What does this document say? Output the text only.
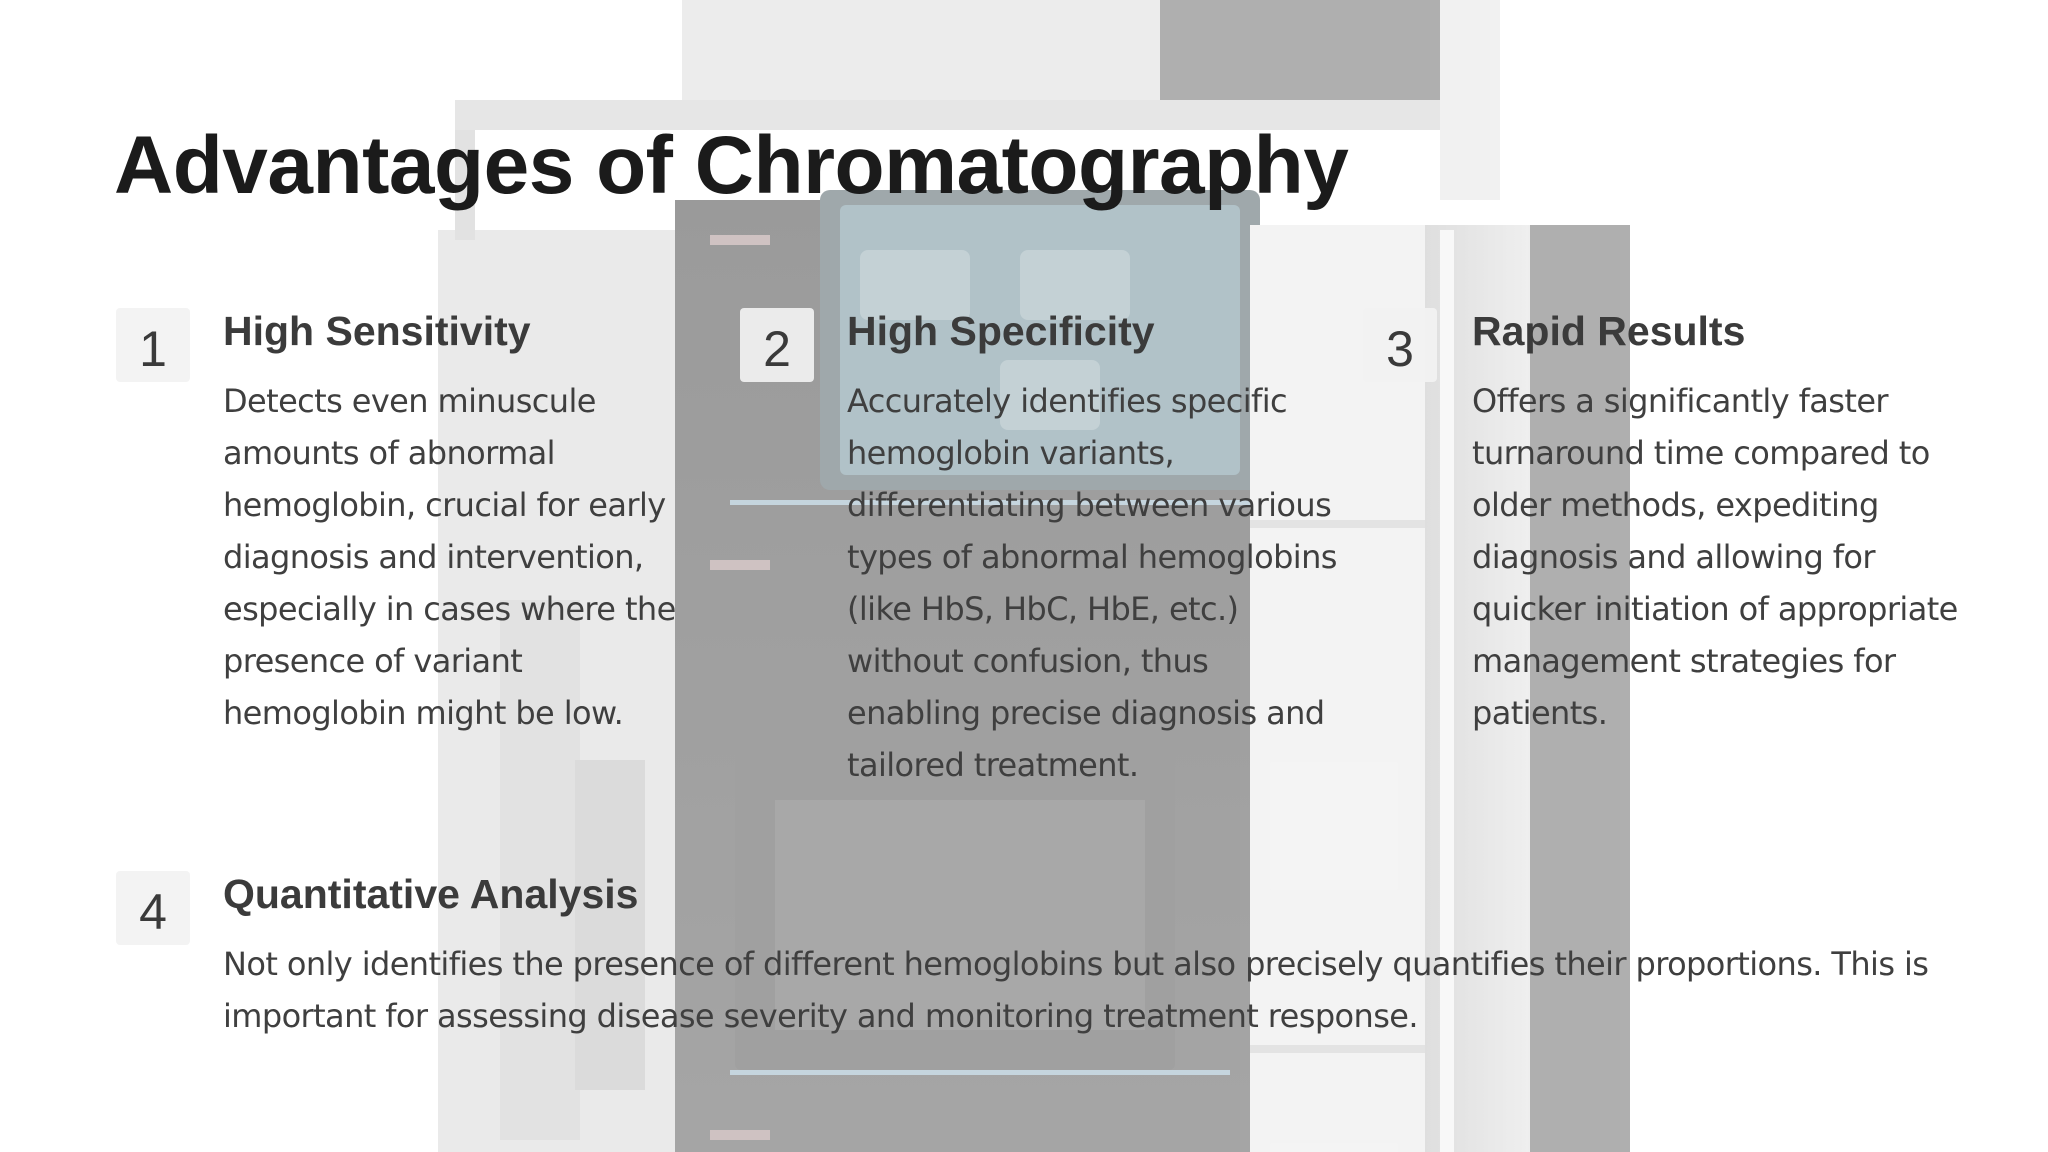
Advantages of Chromatography
1	High Sensitivity

Detects even minuscule amounts of abnormal hemoglobin, crucial for early diagnosis and intervention, especially in cases where the presence of variant hemoglobin might be low.

2	High Specificity

Accurately identifies specific hemoglobin variants, differentiating between various types of abnormal hemoglobins (like HbS, HbC, HbE, etc.) without confusion, thus enabling precise diagnosis and tailored treatment.

3	Rapid Results

Offers a significantly faster turnaround time compared to older methods, expediting diagnosis and allowing for quicker initiation of appropriate management strategies for patients.

4	Quantitative Analysis

Not only identifies the presence of different hemoglobins but also precisely quantifies their proportions. This is important for assessing disease severity and monitoring treatment response.
